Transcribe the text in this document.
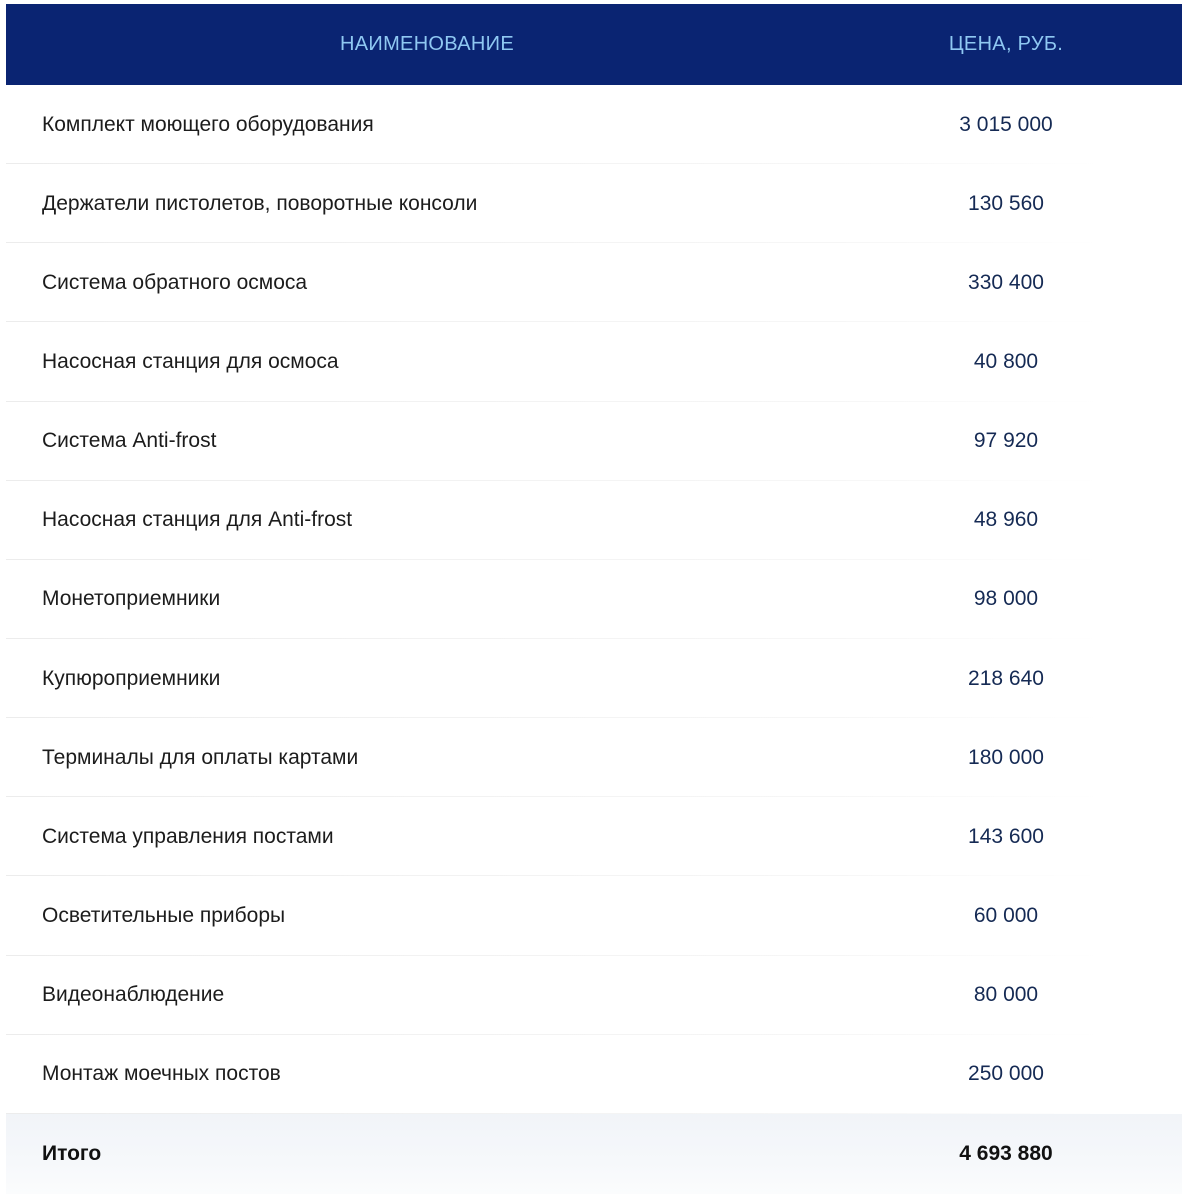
НАИМЕНОВАНИЕ	ЦЕНА, РУБ.
Комплект моющего оборудования	3 015 000
Держатели пистолетов, поворотные консоли	130 560
Система обратного осмоса	330 400
Насосная станция для осмоса	40 800
Система Anti-frost	97 920
Насосная станция для Anti-frost	48 960
Монетоприемники	98 000
Купюроприемники	218 640
Терминалы для оплаты картами	180 000
Система управления постами	143 600
Осветительные приборы	60 000
Видеонаблюдение	80 000
Монтаж моечных постов	250 000
Итого	4 693 880
